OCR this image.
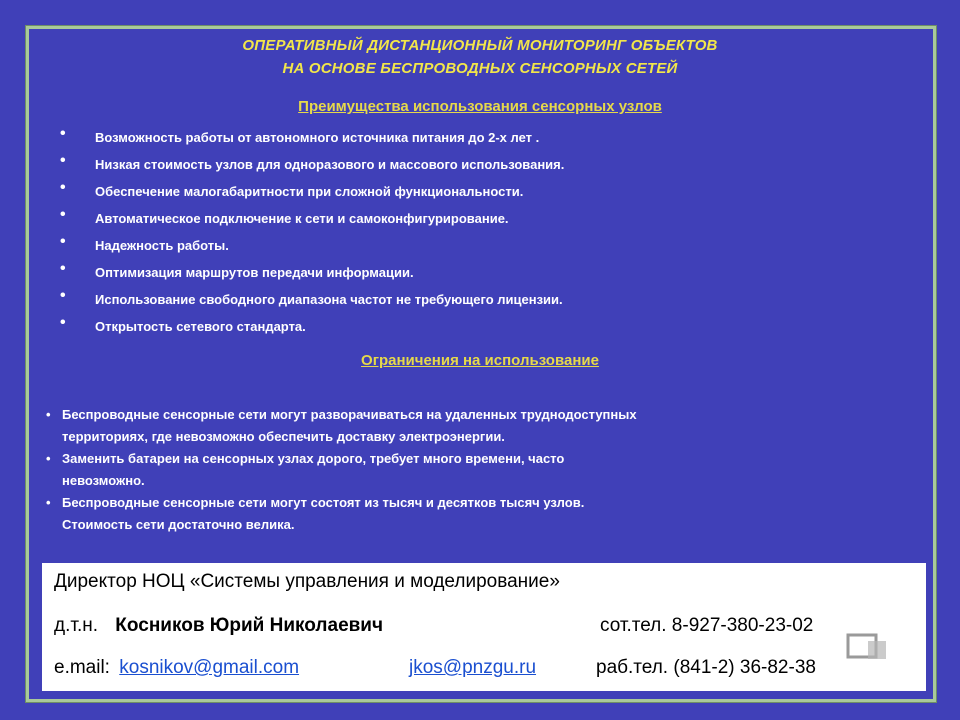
ОПЕРАТИВНЫЙ ДИСТАНЦИОННЫЙ МОНИТОРИНГ ОБЪЕКТОВ
НА ОСНОВЕ БЕСПРОВОДНЫХ СЕНСОРНЫХ СЕТЕЙ
Преимущества использования сенсорных узлов
• Возможность работы от автономного источника питания до 2-х лет .
• Низкая стоимость узлов для одноразового и массового использования.
• Обеспечение малогабаритности при сложной функциональности.
• Автоматическое подключение к сети и самоконфигурирование.
• Надежность работы.
• Оптимизация маршрутов передачи информации.
• Использование свободного диапазона частот не требующего лицензии.
• Открытость сетевого стандарта.
Ограничения на использование
• Беспроводные сенсорные сети могут разворачиваться на удаленных труднодоступных
территориях, где невозможно обеспечить доставку электроэнергии.
• Заменить батареи на сенсорных узлах дорого, требует много времени, часто
невозможно.
• Беспроводные сенсорные сети могут состоят из тысяч и десятков тысяч узлов.
Стоимость сети достаточно велика.
Директор НОЦ «Системы управления и моделирование»
д.т.н. Косников Юрий Николаевич	сот.тел. 8-927-380-23-02
e.mail: kosnikov@gmail.com	jkos@pnzgu.ru	раб.тел. (841-2) 36-82-38
